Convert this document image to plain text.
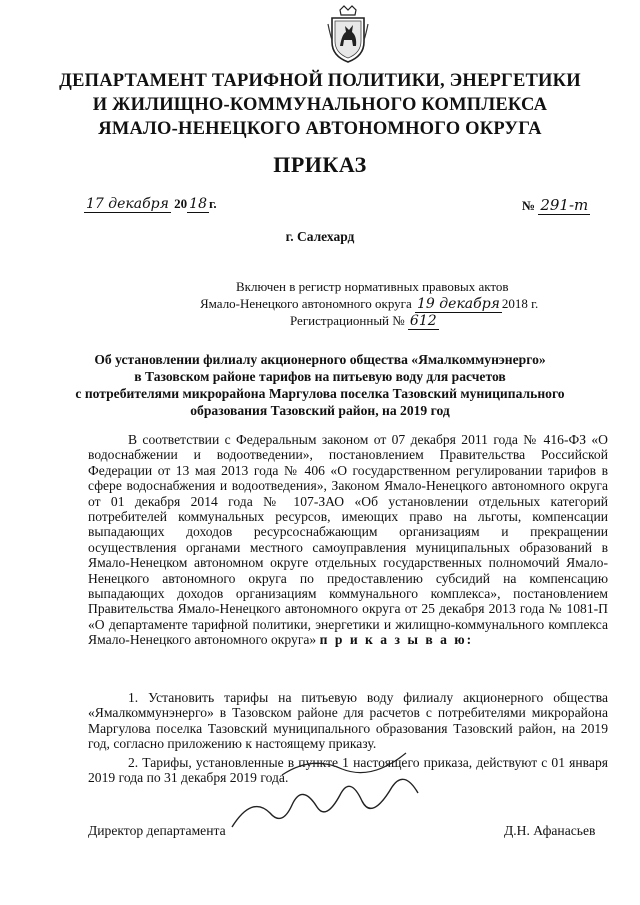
ДЕПАРТАМЕНТ ТАРИФНОЙ ПОЛИТИКИ, ЭНЕРГЕТИКИ
И ЖИЛИЩНО-КОММУНАЛЬНОГО КОМПЛЕКСА
ЯМАЛО-НЕНЕЦКОГО АВТОНОМНОГО ОКРУГА
ПРИКАЗ
17 декабря 20 18 г.	№ 291-т
г. Салехард
Включен в регистр нормативных правовых актов
Ямало-Ненецкого автономного округа 19 декабря 2018 г.
Регистрационный № 612
Об установлении филиалу акционерного общества «Ямалкоммунэнерго»
в Тазовском районе тарифов на питьевую воду для расчетов
с потребителями микрорайона Маргулова поселка Тазовский муниципального
образования Тазовский район, на 2019 год
В соответствии с Федеральным законом от 07 декабря 2011 года № 416-ФЗ «О водоснабжении и водоотведении», постановлением Правительства Российской Федерации от 13 мая 2013 года № 406 «О государственном регулировании тарифов в сфере водоснабжения и водоотведения», Законом Ямало-Ненецкого автономного округа от 01 декабря 2014 года № 107-ЗАО «Об установлении отдельных категорий потребителей коммунальных ресурсов, имеющих право на льготы, компенсации выпадающих доходов ресурсоснабжающим организациям и прекращении осуществления органами местного самоуправления муниципальных образований в Ямало-Ненецком автономном округе отдельных государственных полномочий Ямало-Ненецкого автономного округа по предоставлению субсидий на компенсацию выпадающих доходов организациям коммунального комплекса», постановлением Правительства Ямало-Ненецкого автономного округа от 25 декабря 2013 года № 1081-П «О департаменте тарифной политики, энергетики и жилищно-коммунального комплекса Ямало-Ненецкого автономного округа» п р и к а з ы в а ю:
1. Установить тарифы на питьевую воду филиалу акционерного общества «Ямалкоммунэнерго» в Тазовском районе для расчетов с потребителями микрорайона Маргулова поселка Тазовский муниципального образования Тазовский район, на 2019 год, согласно приложению к настоящему приказу.
2. Тарифы, установленные в пункте 1 настоящего приказа, действуют с 01 января 2019 года по 31 декабря 2019 года.
Директор департамента	Д.Н. Афанасьев
